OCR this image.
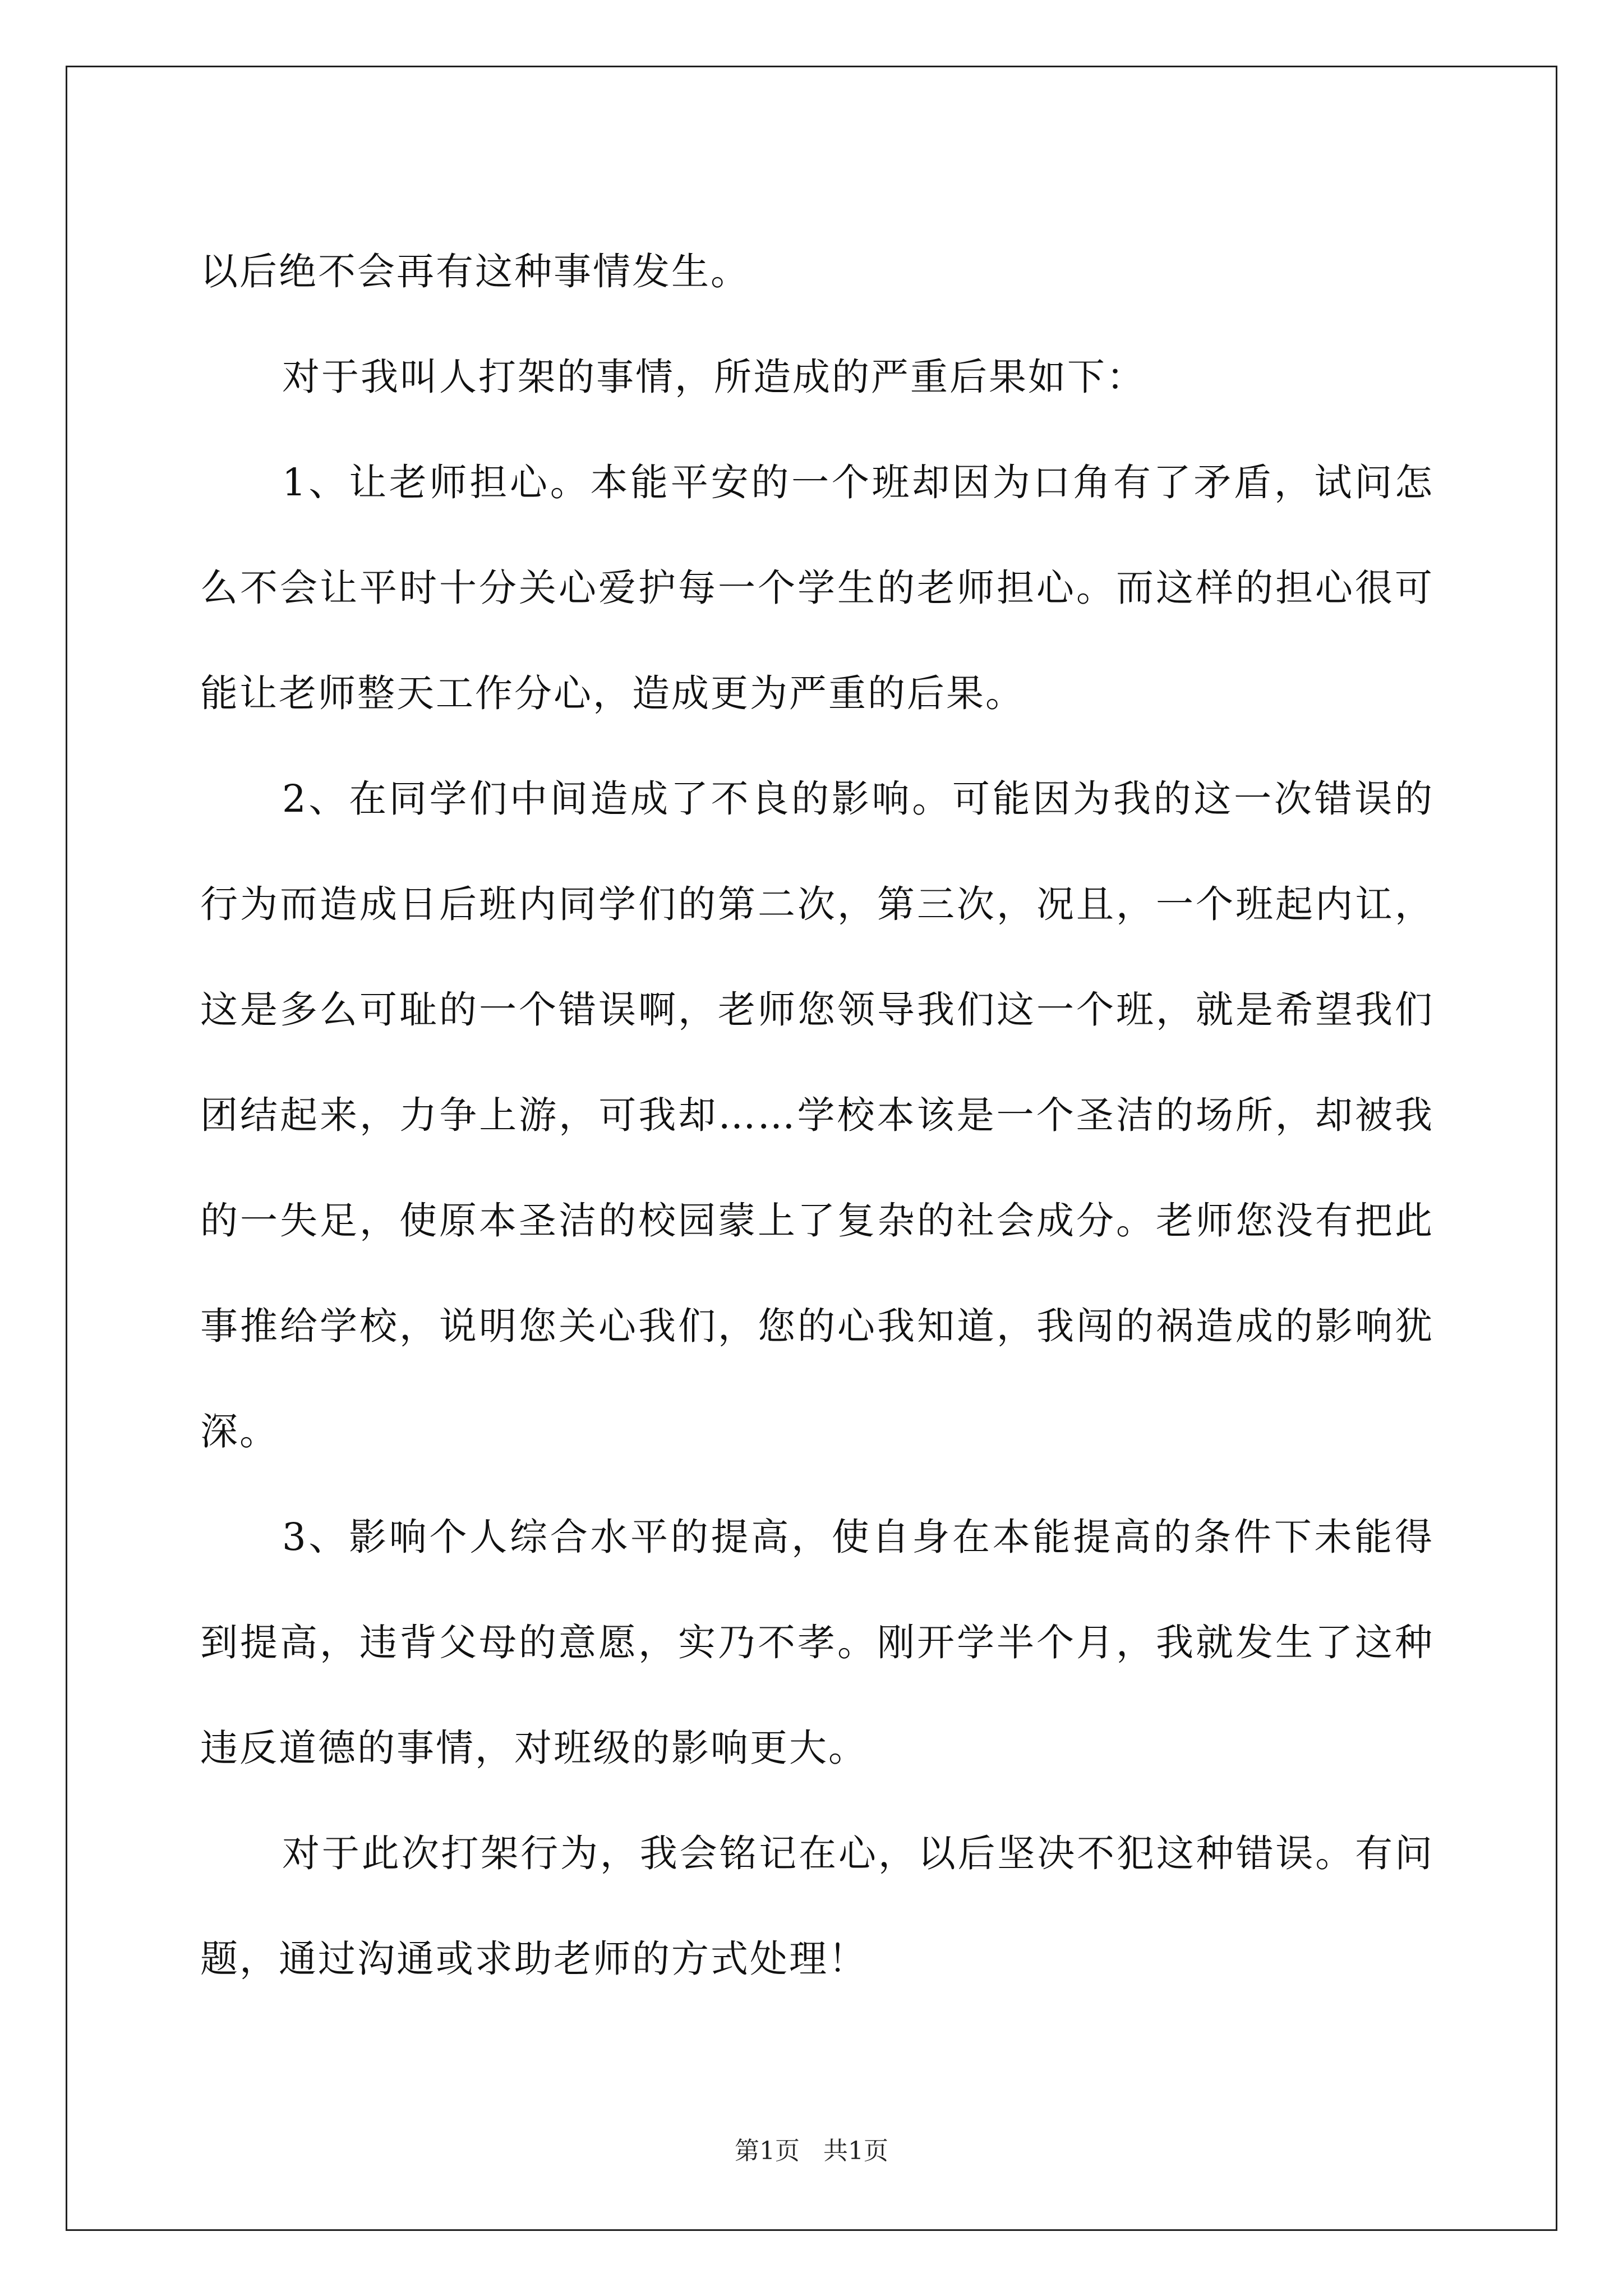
以后绝不会再有这种事情发生。

对于我叫人打架的事情，所造成的严重后果如下：

1、让老师担心。本能平安的一个班却因为口角有了矛盾，试问怎么不会让平时十分关心爱护每一个学生的老师担心。而这样的担心很可能让老师整天工作分心，造成更为严重的后果。

2、在同学们中间造成了不良的影响。可能因为我的这一次错误的行为而造成日后班内同学们的第二次，第三次，况且，一个班起内讧，这是多么可耻的一个错误啊，老师您领导我们这一个班，就是希望我们团结起来，力争上游，可我却……学校本该是一个圣洁的场所，却被我的一失足，使原本圣洁的校园蒙上了复杂的社会成分。老师您没有把此事推给学校，说明您关心我们，您的心我知道，我闯的祸造成的影响犹深。

3、影响个人综合水平的提高，使自身在本能提高的条件下未能得到提高，违背父母的意愿，实乃不孝。刚开学半个月，我就发生了这种违反道德的事情，对班级的影响更大。

对于此次打架行为，我会铭记在心，以后坚决不犯这种错误。有问题，通过沟通或求助老师的方式处理！

第1页   共1页
